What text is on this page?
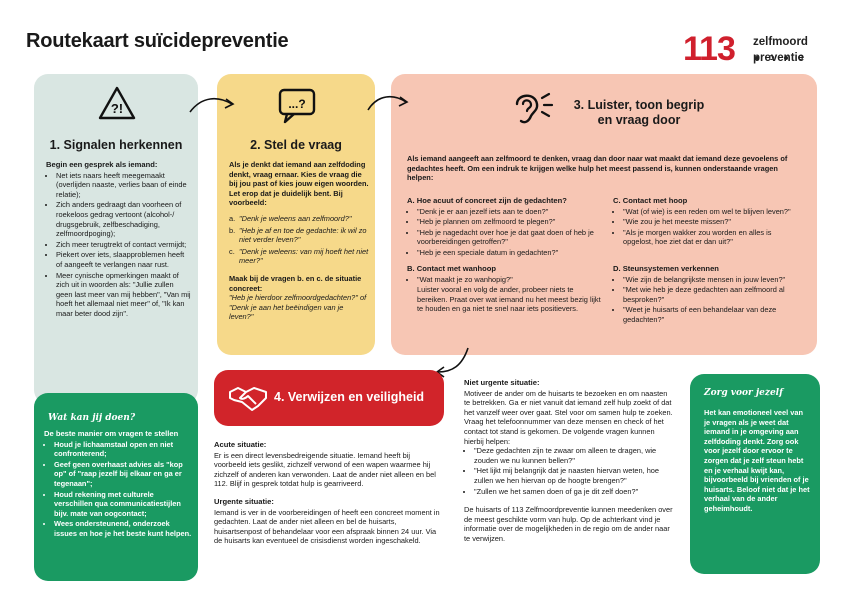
Routekaart suïcidepreventie	113 zelfmoord
preventie
?!
1. Signalen herkennen
Begin een gesprek als iemand:
• Net iets naars heeft meegemaakt (overlijden naaste, verlies baan of einde relatie);
• Zich anders gedraagt dan voorheen of roekeloos gedrag vertoont (alcohol-/ drugsgebruik, zelfbeschadiging, zelfmoordpoging);
• Zich meer terugtrekt of contact vermijdt;
• Piekert over iets, slaapproblemen heeft of aangeeft te verlangen naar rust.
• Meer cynische opmerkingen maakt of zich uit in woorden als: "Jullie zullen geen last meer van mij hebben", "Van mij hoeft het allemaal niet meer" of, "Ik kan maar beter dood zijn".
...?
2. Stel de vraag
Als je denkt dat iemand aan zelfdoding denkt, vraag ernaar. Kies de vraag die bij jou past of kies jouw eigen woorden. Let erop dat je duidelijk bent. Bij voorbeeld:
a. "Denk je weleens aan zelfmoord?"
b. "Heb je af en toe de gedachte: ik wil zo niet verder leven?"
c. "Denk je weleens: van mij hoeft het niet meer?"
Maak bij de vragen b. en c. de situatie concreet:
"Heb je hierdoor zelfmoordgedachten?" of "Denk je aan het beëindigen van je leven?"
3. Luister, toon begrip
en vraag door
Als iemand aangeeft aan zelfmoord te denken, vraag dan door naar wat maakt dat iemand deze gevoelens of gedachtes heeft. Om een indruk te krijgen welke hulp het meest passend is, kunnen onderstaande vragen helpen:
A. Hoe acuut of concreet zijn de gedachten?
• "Denk je er aan jezelf iets aan te doen?"
• "Heb je plannen om zelfmoord te plegen?"
• "Heb je nagedacht over hoe je dat gaat doen of heb je voorbereidingen getroffen?"
• "Heb je een speciale datum in gedachten?"
B. Contact met wanhoop
• "Wat maakt je zo wanhopig?"
Luister vooral en volg de ander, probeer niets te bereiken. Praat over wat iemand nu het meest bezig lijkt te houden en ga niet te snel naar iets positievers.
C. Contact met hoop
• "Wat (of wie) is een reden om wel te blijven leven?"
• "Wie zou je het meeste missen?"
• "Als je morgen wakker zou worden en alles is opgelost, hoe ziet dat er dan uit?"
D. Steunsystemen verkennen
• "Wie zijn de belangrijkste mensen in jouw leven?"
• "Met wie heb je deze gedachten aan zelfmoord al besproken?"
• "Weet je huisarts of een behandelaar van deze gedachten?"
4. Verwijzen en veiligheid
Acute situatie:
Er is een direct levensbedreigende situatie. Iemand heeft bij voorbeeld iets geslikt, zichzelf verwond of een wapen waarmee hij zichzelf of anderen kan verwonden. Laat de ander niet alleen en bel 112. Blijf in gesprek totdat hulp is gearriveerd.
Urgente situatie:
Iemand is ver in de voorbereidingen of heeft een concreet moment in gedachten. Laat de ander niet alleen en bel de huisarts, huisartsenpost of behandelaar voor een afspraak binnen 24 uur. Via de huisarts kan eventueel de crisisdienst worden ingeschakeld.
Niet urgente situatie:
Motiveer de ander om de huisarts te bezoeken en om naasten te betrekken. Ga er niet vanuit dat iemand zelf hulp zoekt of dat het vanzelf weer over gaat. Stel voor om samen hulp te zoeken. Vraag het telefoonnummer van deze mensen en check of het contact tot stand is gekomen. De volgende vragen kunnen hierbij helpen:
• "Deze gedachten zijn te zwaar om alleen te dragen, wie zouden we nu kunnen bellen?"
• "Het lijkt mij belangrijk dat je naasten hiervan weten, hoe zullen we hen hiervan op de hoogte brengen?"
• "Zullen we het samen doen of ga je dit zelf doen?"
De huisarts of 113 Zelfmoordpreventie kunnen meedenken over de meest geschikte vorm van hulp. Op de achterkant vind je informatie over de mogelijkheden in de regio om de ander naar te verwijzen.
Wat kan jij doen?
De beste manier om vragen te stellen
• Houd je lichaamstaal open en niet confronterend;
• Geef geen overhaast advies als "kop op" of "raap jezelf bij elkaar en ga er tegenaan";
• Houd rekening met culturele verschillen qua communicatiestijlen bijv. mate van oogcontact;
• Wees ondersteunend, onderzoek issues en hoe je het beste kunt helpen.
Zorg voor jezelf
Het kan emotioneel veel van je vragen als je weet dat iemand in je omgeving aan zelfdoding denkt. Zorg ook voor jezelf door ervoor te zorgen dat je zelf steun hebt en je verhaal kwijt kan, bijvoorbeeld bij vrienden of je huisarts. Beloof niet dat je het verhaal van de ander geheimhoudt.
